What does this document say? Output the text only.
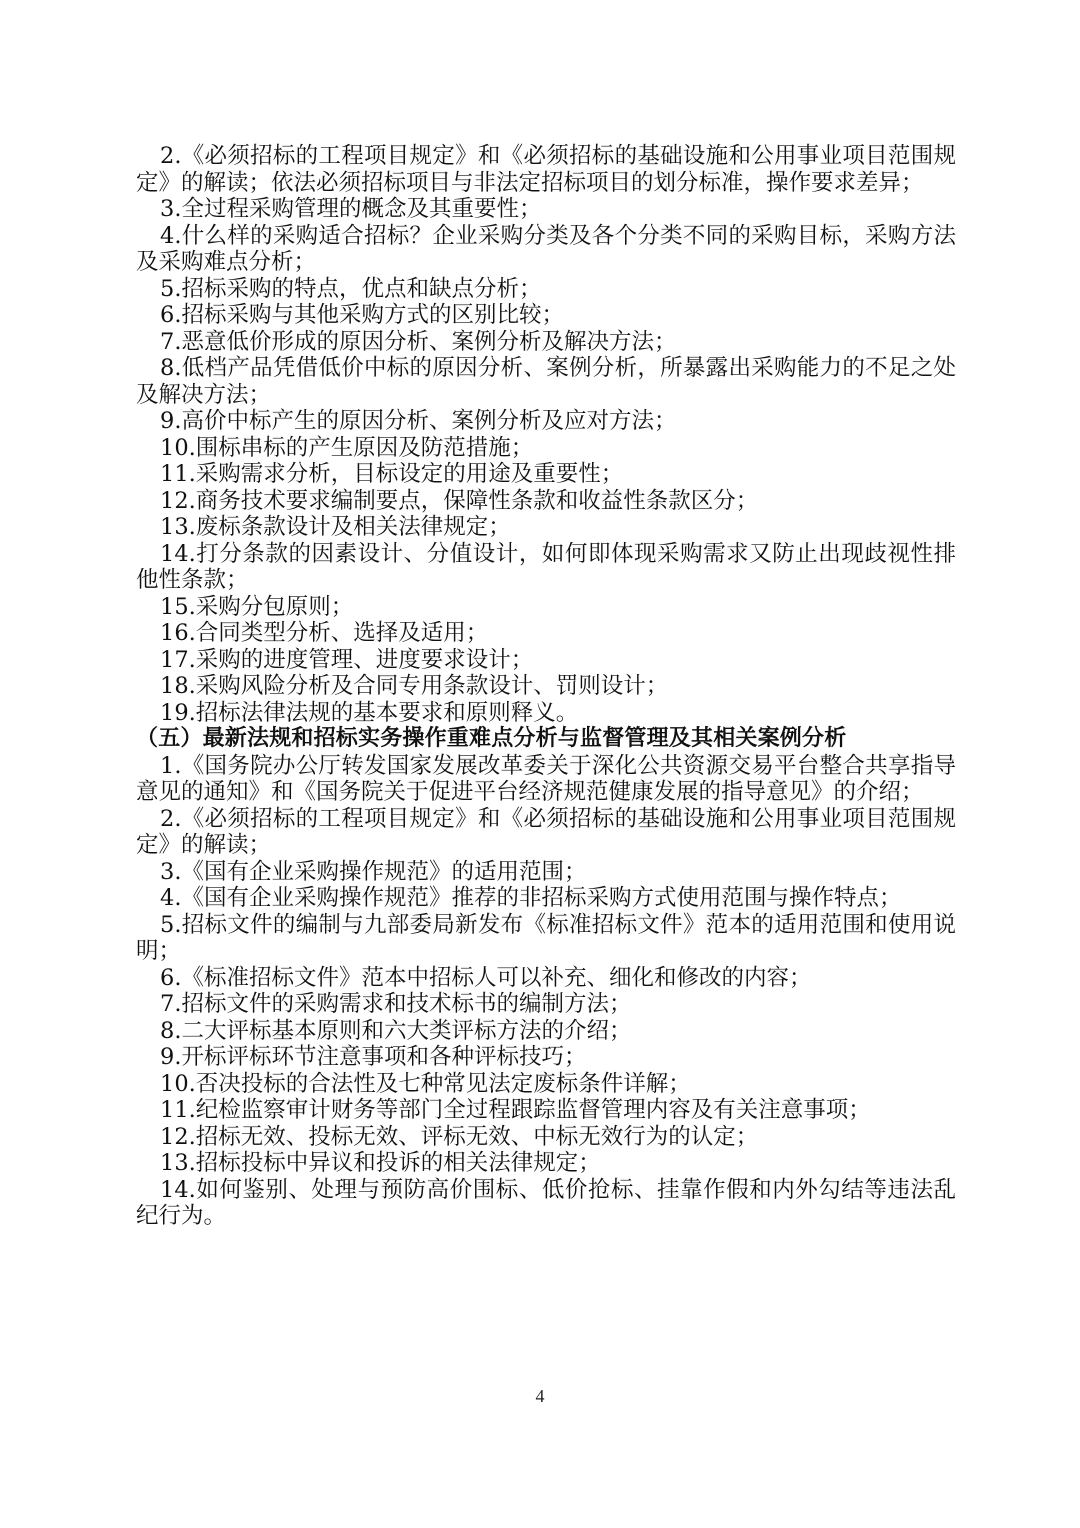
2.《必须招标的工程项目规定》和《必须招标的基础设施和公用事业项目范围规定》的解读；依法必须招标项目与非法定招标项目的划分标准，操作要求差异；

3.全过程采购管理的概念及其重要性；

4.什么样的采购适合招标？企业采购分类及各个分类不同的采购目标，采购方法及采购难点分析；

5.招标采购的特点，优点和缺点分析；

6.招标采购与其他采购方式的区别比较；

7.恶意低价形成的原因分析、案例分析及解决方法；

8.低档产品凭借低价中标的原因分析、案例分析，所暴露出采购能力的不足之处及解决方法；

9.高价中标产生的原因分析、案例分析及应对方法；

10.围标串标的产生原因及防范措施；

11.采购需求分析，目标设定的用途及重要性；

12.商务技术要求编制要点，保障性条款和收益性条款区分；

13.废标条款设计及相关法律规定；

14.打分条款的因素设计、分值设计，如何即体现采购需求又防止出现歧视性排他性条款；

15.采购分包原则；

16.合同类型分析、选择及适用；

17.采购的进度管理、进度要求设计；

18.采购风险分析及合同专用条款设计、罚则设计；

19.招标法律法规的基本要求和原则释义。

（五）最新法规和招标实务操作重难点分析与监督管理及其相关案例分析

1.《国务院办公厅转发国家发展改革委关于深化公共资源交易平台整合共享指导意见的通知》和《国务院关于促进平台经济规范健康发展的指导意见》的介绍；

2.《必须招标的工程项目规定》和《必须招标的基础设施和公用事业项目范围规定》的解读；

3.《国有企业采购操作规范》的适用范围；

4.《国有企业采购操作规范》推荐的非招标采购方式使用范围与操作特点；

5.招标文件的编制与九部委局新发布《标准招标文件》范本的适用范围和使用说明；

6.《标准招标文件》范本中招标人可以补充、细化和修改的内容；

7.招标文件的采购需求和技术标书的编制方法；

8.二大评标基本原则和六大类评标方法的介绍；

9.开标评标环节注意事项和各种评标技巧；

10.否决投标的合法性及七种常见法定废标条件详解；

11.纪检监察审计财务等部门全过程跟踪监督管理内容及有关注意事项；

12.招标无效、投标无效、评标无效、中标无效行为的认定；

13.招标投标中异议和投诉的相关法律规定；

14.如何鉴别、处理与预防高价围标、低价抢标、挂靠作假和内外勾结等违法乱纪行为。

4
